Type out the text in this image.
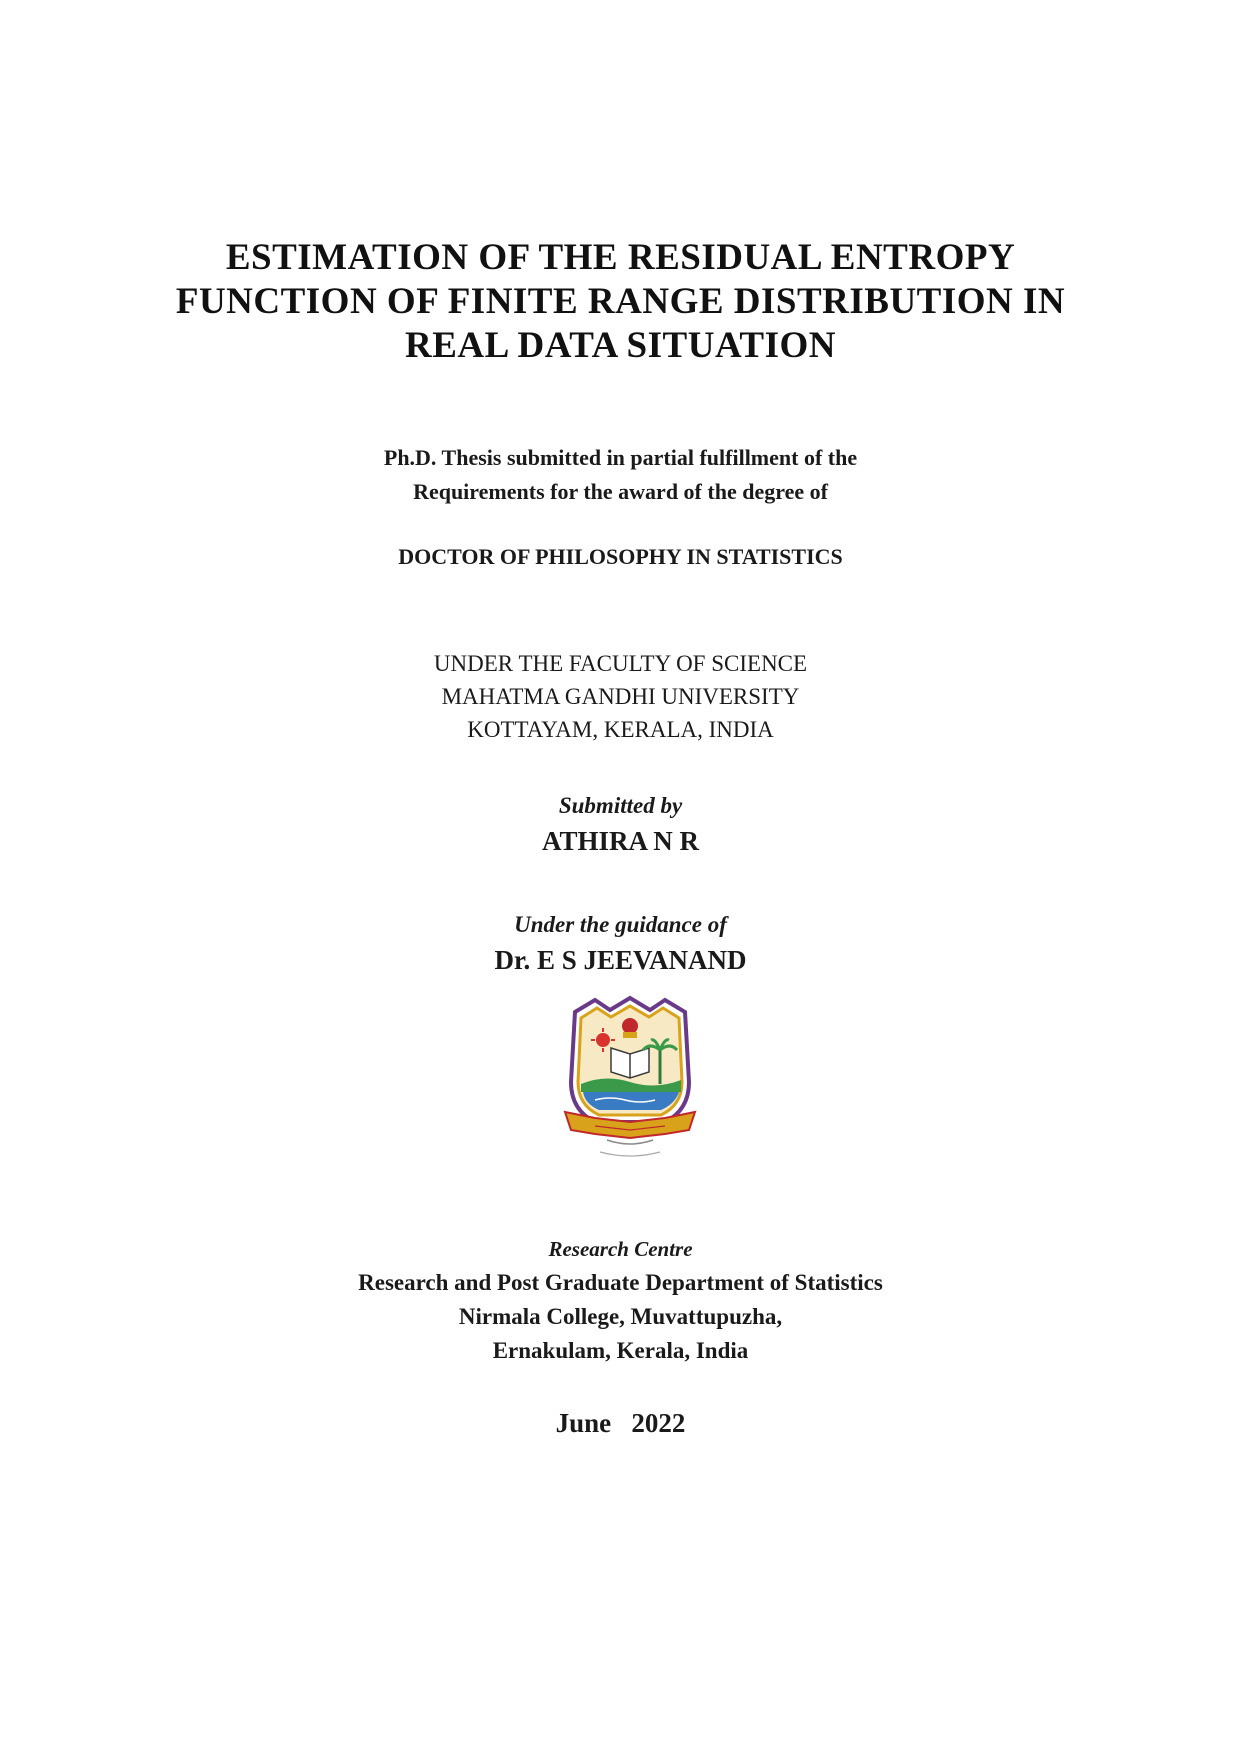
ESTIMATION OF THE RESIDUAL ENTROPY
FUNCTION OF FINITE RANGE DISTRIBUTION IN
REAL DATA SITUATION
Ph.D. Thesis submitted in partial fulfillment of the
Requirements for the award of the degree of
DOCTOR OF PHILOSOPHY IN STATISTICS
UNDER THE FACULTY OF SCIENCE
MAHATMA GANDHI UNIVERSITY
KOTTAYAM, KERALA, INDIA
Submitted by
ATHIRA N R
Under the guidance of
Dr. E S JEEVANAND
Research Centre
Research and Post Graduate Department of Statistics
Nirmala College, Muvattupuzha,
Ernakulam, Kerala, India
June   2022
